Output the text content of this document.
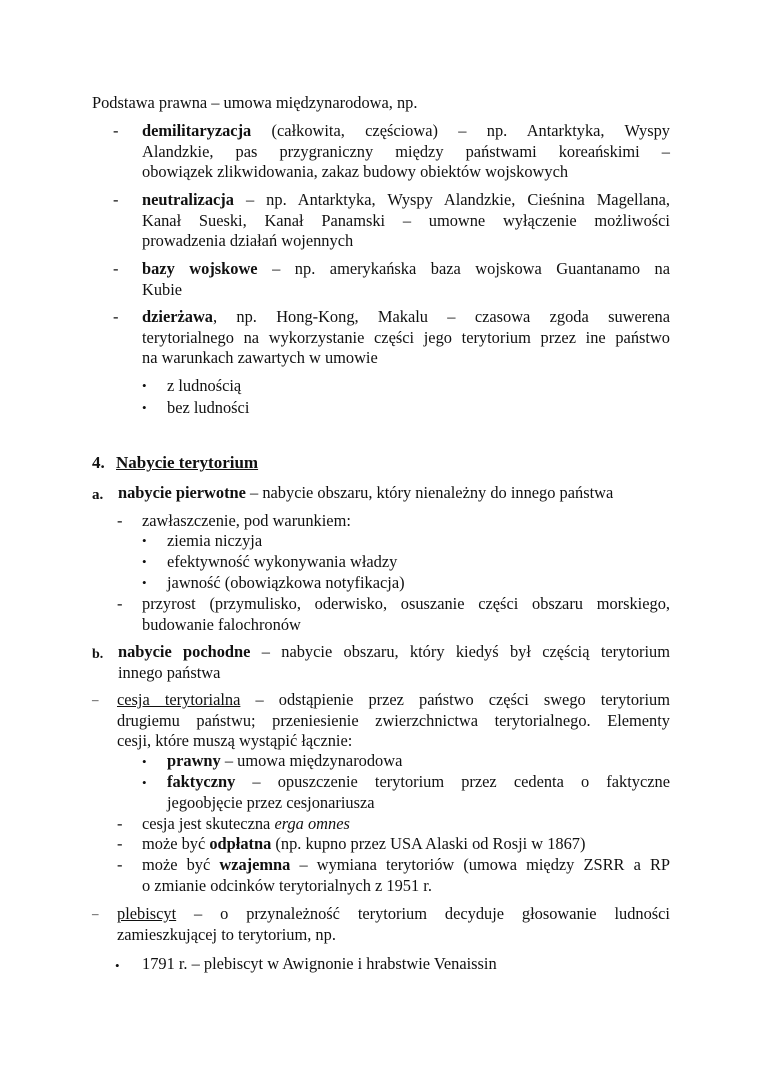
Podstawa prawna – umowa międzynarodowa, np.
- demilitaryzacja (całkowita, częściowa) – np. Antarktyka, Wyspy
Alandzkie, pas przygraniczny między państwami koreańskimi –
obowiązek zlikwidowania, zakaz budowy obiektów wojskowych
- neutralizacja – np. Antarktyka, Wyspy Alandzkie, Cieśnina Magellana,
Kanał Sueski, Kanał Panamski – umowne wyłączenie możliwości
prowadzenia działań wojennych
- bazy wojskowe – np. amerykańska baza wojskowa Guantanamo na
Kubie
- dzierżawa, np. Hong-Kong, Makalu – czasowa zgoda suwerena
terytorialnego na wykorzystanie części jego terytorium przez ine państwo
na warunkach zawartych w umowie
• z ludnością
• bez ludności
4. Nabycie terytorium
a. nabycie pierwotne – nabycie obszaru, który nienależny do innego państwa
- zawłaszczenie, pod warunkiem:
• ziemia niczyja
• efektywność wykonywania władzy
• jawność (obowiązkowa notyfikacja)
- przyrost (przymulisko, oderwisko, osuszanie części obszaru morskiego,
budowanie falochronów
b. nabycie pochodne – nabycie obszaru, który kiedyś był częścią terytorium
innego państwa
– cesja terytorialna – odstąpienie przez państwo części swego terytorium
drugiemu państwu; przeniesienie zwierzchnictwa terytorialnego. Elementy
cesji, które muszą wystąpić łącznie:
• prawny – umowa międzynarodowa
• faktyczny – opuszczenie terytorium przez cedenta o faktyczne
jegoobjęcie przez cesjonariusza
- cesja jest skuteczna erga omnes
- może być odpłatna (np. kupno przez USA Alaski od Rosji w 1867)
- może być wzajemna – wymiana terytoriów (umowa między ZSRR a RP
o zmianie odcinków terytorialnych z 1951 r.
– plebiscyt – o przynależność terytorium decyduje głosowanie ludności
zamieszkującej to terytorium, np.
• 1791 r. – plebiscyt w Awignonie i hrabstwie Venaissin
